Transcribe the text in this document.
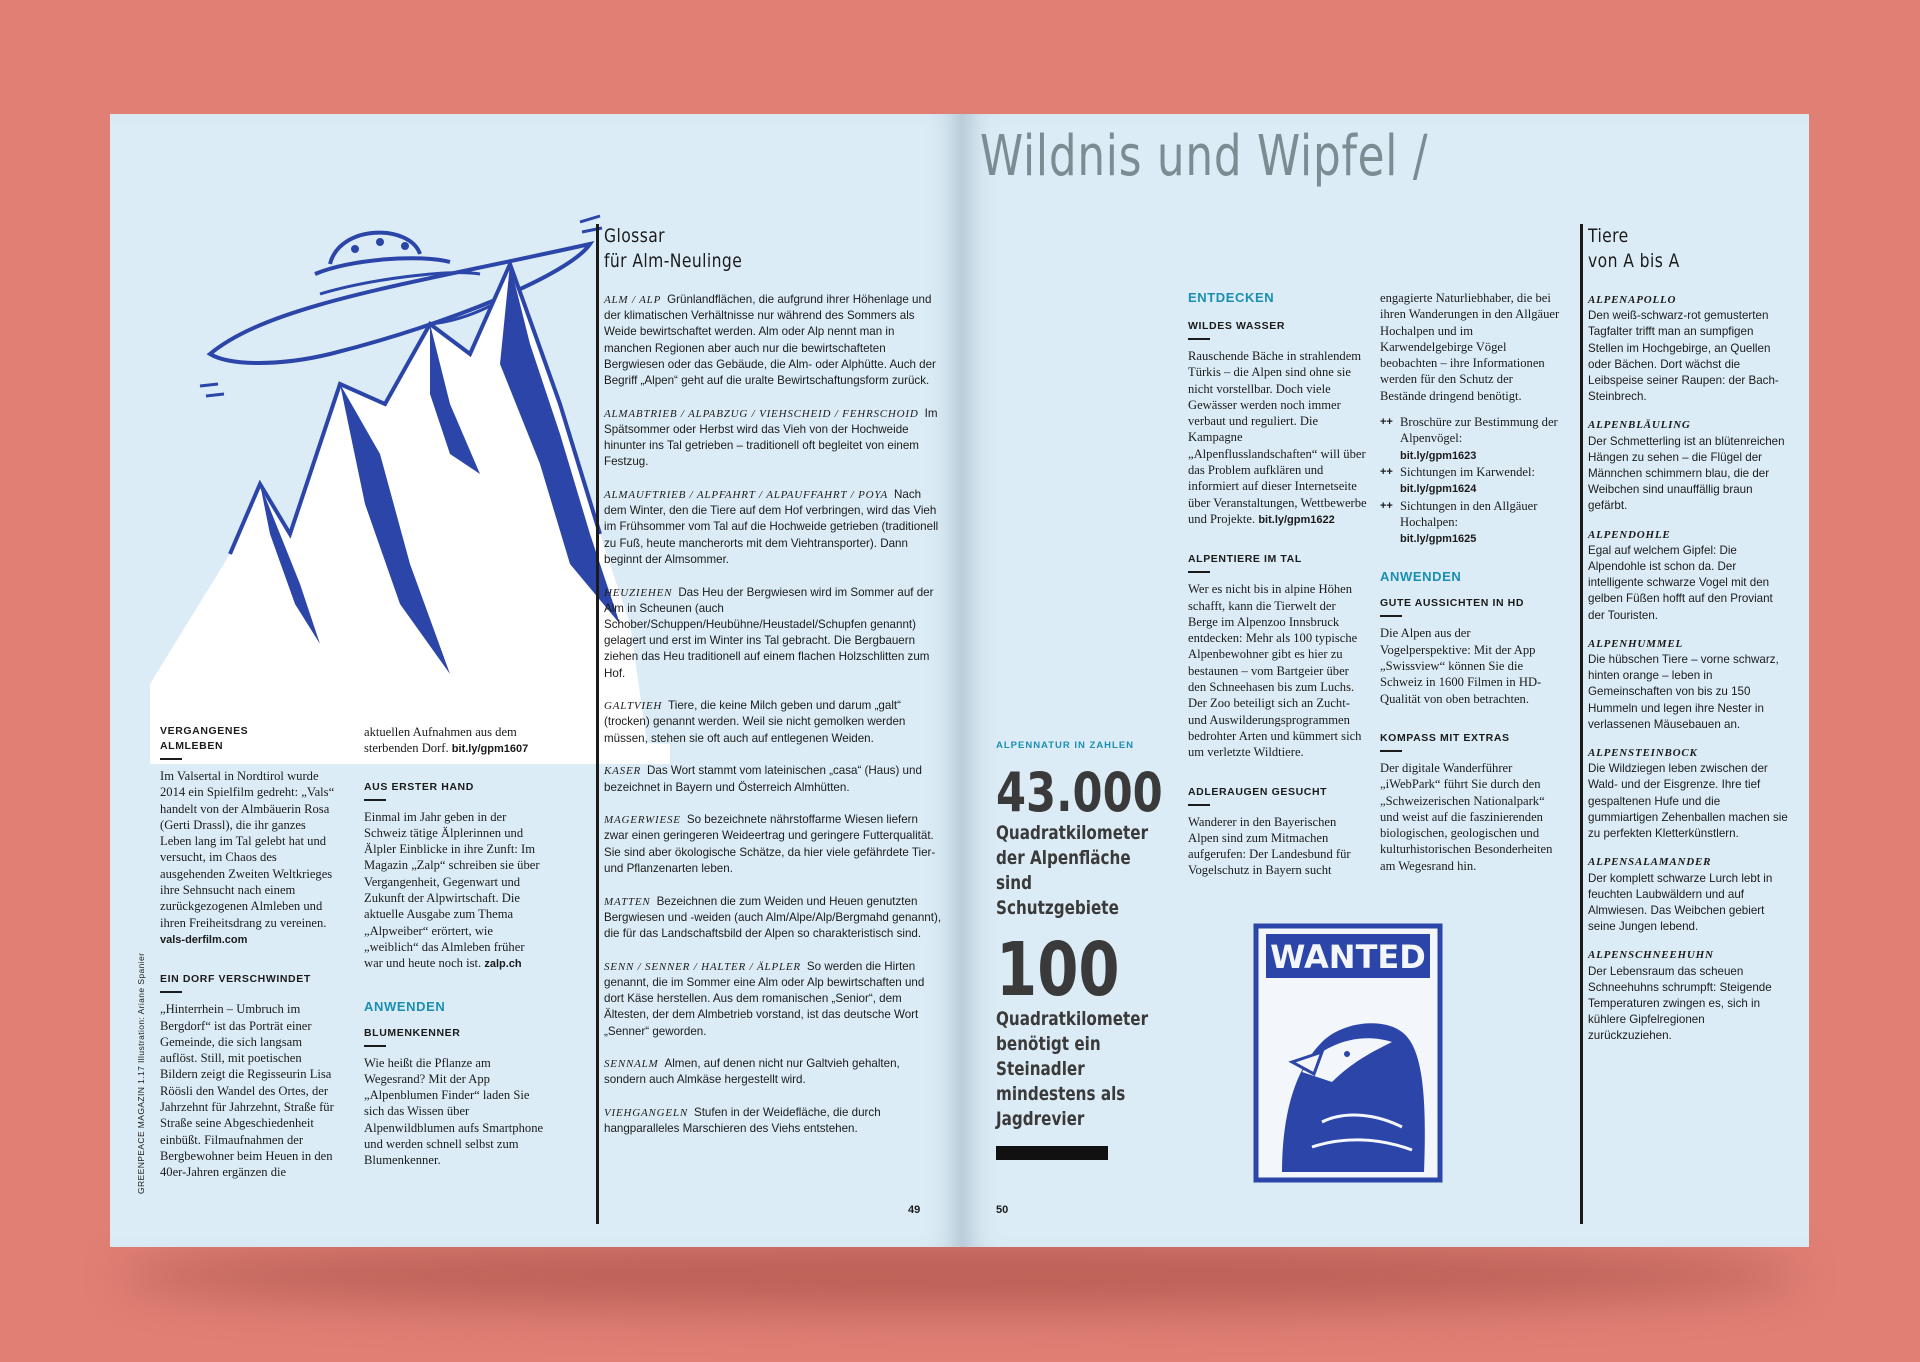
Glossar
für Alm-Neulinge
ALM / ALP Grünlandflächen, die aufgrund ihrer Höhenlage und der klimatischen Verhältnisse nur während des Sommers als Weide bewirtschaftet werden. Alm oder Alp nennt man in manchen Regionen aber auch nur die bewirtschafteten Bergwiesen oder das Gebäude, die Alm- oder Alphütte. Auch der Begriff „Alpen“ geht auf die uralte Bewirtschaftungsform zurück.
ALMABTRIEB / ALPABZUG / VIEHSCHEID / FEHRSCHOID Im Spätsommer oder Herbst wird das Vieh von der Hochweide hinunter ins Tal getrieben – traditionell oft begleitet von einem Festzug.
ALMAUFTRIEB / ALPFAHRT / ALPAUFFAHRT / POYA Nach dem Winter, den die Tiere auf dem Hof verbringen, wird das Vieh im Frühsommer vom Tal auf die Hochweide getrieben (traditionell zu Fuß, heute mancherorts mit dem Viehtransporter). Dann beginnt der Almsommer.
HEUZIEHEN Das Heu der Bergwiesen wird im Sommer auf der Alm in Scheunen (auch Schober/Schuppen/Heubühne/Heustadel/Schupfen genannt) gelagert und erst im Winter ins Tal gebracht. Die Bergbauern ziehen das Heu traditionell auf einem flachen Holzschlitten zum Hof.
GALTVIEH Tiere, die keine Milch geben und darum „galt“ (trocken) genannt werden. Weil sie nicht gemolken werden müssen, stehen sie oft auch auf entlegenen Weiden.
KASER Das Wort stammt vom lateinischen „casa“ (Haus) und bezeichnet in Bayern und Österreich Almhütten.
MAGERWIESE So bezeichnete nährstoffarme Wiesen liefern zwar einen geringeren Weideertrag und geringere Futterqualität. Sie sind aber ökologische Schätze, da hier viele gefährdete Tier- und Pflanzenarten leben.
MATTEN Bezeichnen die zum Weiden und Heuen genutzten Bergwiesen und -weiden (auch Alm/Alpe/Alp/Bergmahd genannt), die für das Landschaftsbild der Alpen so charakteristisch sind.
SENN / SENNER / HALTER / ÄLPLER So werden die Hirten genannt, die im Sommer eine Alm oder Alp bewirtschaften und dort Käse herstellen. Aus dem romanischen „Senior“, dem Ältesten, der dem Almbetrieb vorstand, ist das deutsche Wort „Senner“ geworden.
SENNALM Almen, auf denen nicht nur Galtvieh gehalten, sondern auch Almkäse hergestellt wird.
VIEHGANGELN Stufen in der Weidefläche, die durch hangparalleles Marschieren des Viehs entstehen.
VERGANGENES
ALMLEBEN
Im Valsertal in Nordtirol wurde 2014 ein Spielfilm gedreht: „Vals“ handelt von der Almbäuerin Rosa (Gerti Drassl), die ihr ganzes Leben lang im Tal gelebt hat und versucht, im Chaos des ausgehenden Zweiten Weltkrieges ihre Sehnsucht nach einem zurückgezogenen Almleben und ihren Freiheitsdrang zu vereinen. vals-derfilm.com
EIN DORF VERSCHWINDET
„Hinterrhein – Umbruch im Bergdorf“ ist das Porträt einer Gemeinde, die sich langsam auflöst. Still, mit poetischen Bildern zeigt die Regisseurin Lisa Röösli den Wandel des Ortes, der Jahrzehnt für Jahrzehnt, Straße für Straße seine Abgeschiedenheit einbüßt. Filmaufnahmen der Bergbewohner beim Heuen in den 40er-Jahren ergänzen die
aktuellen Aufnahmen aus dem sterbenden Dorf. bit.ly/gpm1607
AUS ERSTER HAND
Einmal im Jahr geben in der Schweiz tätige Älplerinnen und Älpler Einblicke in ihre Zunft: Im Magazin „Zalp“ schreiben sie über Vergangenheit, Gegenwart und Zukunft der Alpwirtschaft. Die aktuelle Ausgabe zum Thema „Alpweiber“ erörtert, wie „weiblich“ das Almleben früher war und heute noch ist. zalp.ch
ANWENDEN
BLUMENKENNER
Wie heißt die Pflanze am Wegesrand? Mit der App „Alpenblumen Finder“ laden Sie sich das Wissen über Alpenwildblumen aufs Smartphone und werden schnell selbst zum Blumenkenner.
49
GREENPEACE MAGAZIN 1.17 Illustration: Ariane Spanier
Wildnis und Wipfel /
ALPENNATUR IN ZAHLEN
43.000
Quadratkilometer
der Alpenfläche
sind Schutzgebiete
100
Quadratkilometer
benötigt ein
Steinadler
mindestens als
Jagdrevier
ENTDECKEN
WILDES WASSER
Rauschende Bäche in strahlendem Türkis – die Alpen sind ohne sie nicht vorstellbar. Doch viele Gewässer werden noch immer verbaut und reguliert. Die Kampagne „Alpenflusslandschaften“ will über das Problem aufklären und informiert auf dieser Internetseite über Veranstaltungen, Wettbewerbe und Projekte. bit.ly/gpm1622
ALPENTIERE IM TAL
Wer es nicht bis in alpine Höhen schafft, kann die Tierwelt der Berge im Alpenzoo Innsbruck entdecken: Mehr als 100 typische Alpenbewohner gibt es hier zu bestaunen – vom Bartgeier über den Schneehasen bis zum Luchs. Der Zoo beteiligt sich an Zucht- und Auswilderungsprogrammen bedrohter Arten und kümmert sich um verletzte Wildtiere.
ADLERAUGEN GESUCHT
Wanderer in den Bayerischen Alpen sind zum Mitmachen aufgerufen: Der Landesbund für Vogelschutz in Bayern sucht
engagierte Naturliebhaber, die bei ihren Wanderungen in den Allgäuer Hochalpen und im Karwendelgebirge Vögel beobachten – ihre Informationen werden für den Schutz der Bestände dringend benötigt.
++ Broschüre zur Bestimmung der Alpenvögel:
bit.ly/gpm1623
++ Sichtungen im Karwendel:
bit.ly/gpm1624
++ Sichtungen in den Allgäuer Hochalpen:
bit.ly/gpm1625
ANWENDEN
GUTE AUSSICHTEN IN HD
Die Alpen aus der Vogelperspektive: Mit der App „Swissview“ können Sie die Schweiz in 1600 Filmen in HD-Qualität von oben betrachten.
KOMPASS MIT EXTRAS
Der digitale Wanderführer „iWebPark“ führt Sie durch den „Schweizerischen Nationalpark“ und weist auf die faszinierenden biologischen, geologischen und kulturhistorischen Besonderheiten am Wegesrand hin.
WANTED
Tiere
von A bis A
ALPENAPOLLO
Den weiß-schwarz-rot gemusterten Tagfalter trifft man an sumpfigen Stellen im Hochgebirge, an Quellen oder Bächen. Dort wächst die Leibspeise seiner Raupen: der Bach-Steinbrech.
ALPENBLÄULING
Der Schmetterling ist an blütenreichen Hängen zu sehen – die Flügel der Männchen schimmern blau, die der Weibchen sind unauffällig braun gefärbt.
ALPENDOHLE
Egal auf welchem Gipfel: Die Alpendohle ist schon da. Der intelligente schwarze Vogel mit den gelben Füßen hofft auf den Proviant der Touristen.
ALPENHUMMEL
Die hübschen Tiere – vorne schwarz, hinten orange – leben in Gemeinschaften von bis zu 150 Hummeln und legen ihre Nester in verlassenen Mäusebauen an.
ALPENSTEINBOCK
Die Wildziegen leben zwischen der Wald- und der Eisgrenze. Ihre tief gespaltenen Hufe und die gummiartigen Zehenballen machen sie zu perfekten Kletterkünstlern.
ALPENSALAMANDER
Der komplett schwarze Lurch lebt in feuchten Laubwäldern und auf Almwiesen. Das Weibchen gebiert seine Jungen lebend.
ALPENSCHNEEHUHN
Der Lebensraum das scheuen Schneehuhns schrumpft: Steigende Temperaturen zwingen es, sich in kühlere Gipfelregionen zurückzuziehen.
50
